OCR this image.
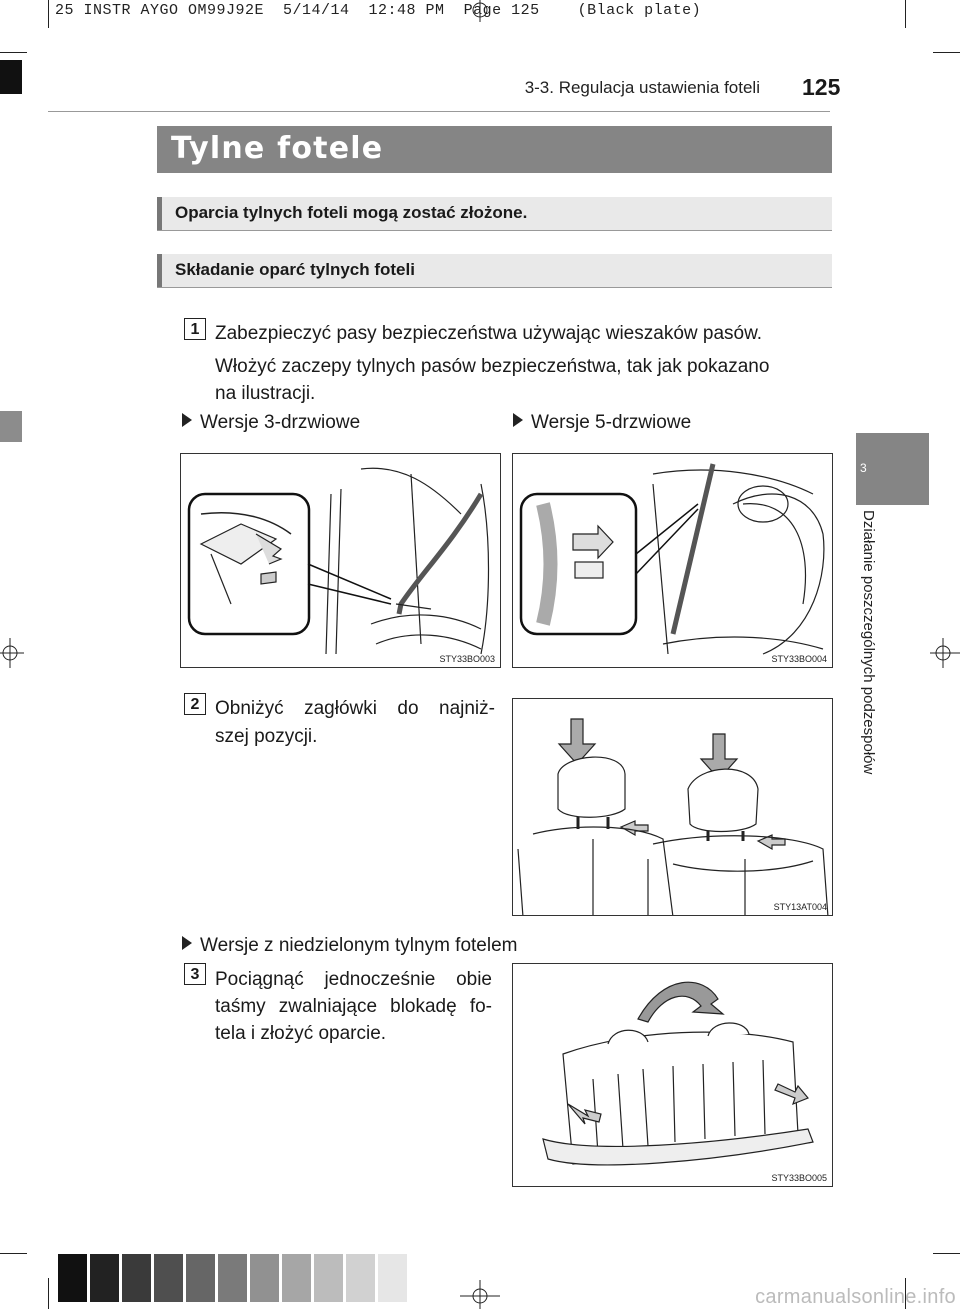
25 INSTR AYGO OM99J92E  5/14/14  12:48 PM  Page 125    (Black plate)
3-3. Regulacja ustawienia foteli 125
Tylne fotele
Oparcia tylnych foteli mogą zostać złożone.
Składanie oparć tylnych foteli
3
Działanie poszczególnych podzespołów
1 Zabezpieczyć pasy bezpieczeństwa używając wieszaków pasów.
Włożyć zaczepy tylnych pasów bezpieczeństwa, tak jak pokazano
na ilustracji.
Wersje 3-drzwiowe	Wersje 5-drzwiowe
STY33BO003	STY33BO004
2 Obniżyć zagłówki do najniż-
szej pozycji.
STY13AT004
Wersje z niedzielonym tylnym fotelem
3 Pociągnąć jednocześnie obie
taśmy zwalniające blokadę fo-
tela i złożyć oparcie.
STY33BO005
carmanualsonline.info
